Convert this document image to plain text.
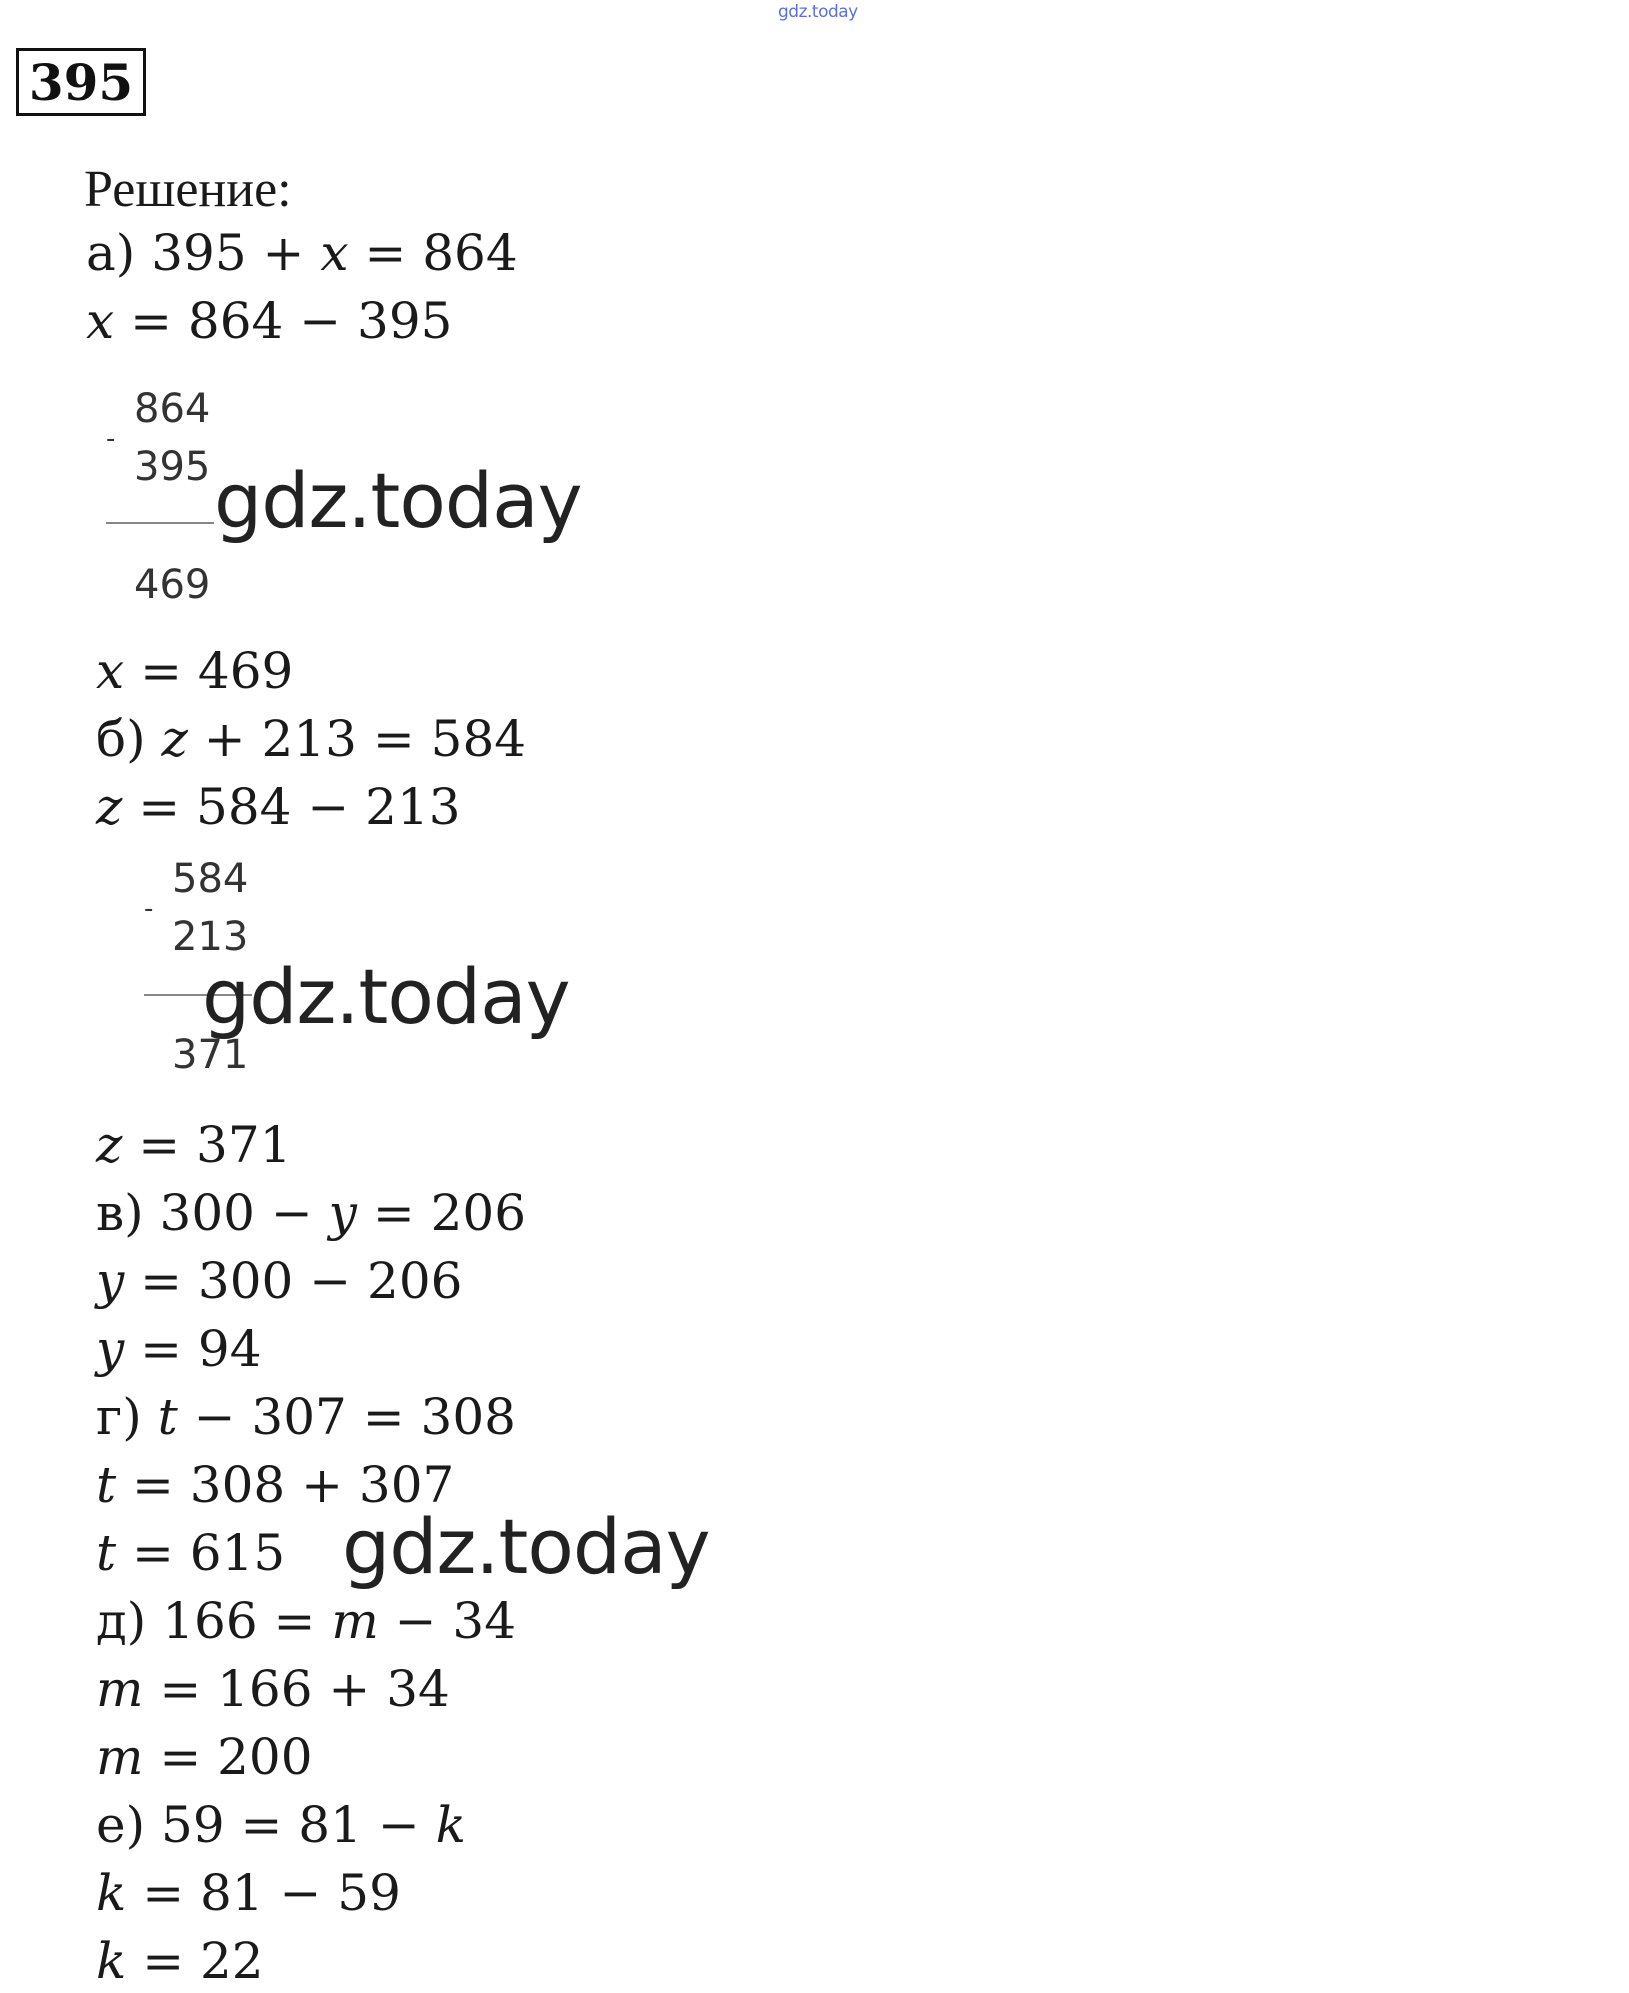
gdz.today
395
Решение:
а) 395 + x = 864
x = 864 − 395
864
-
395
469
gdz.today
x = 469
б) z + 213 = 584
z = 584 − 213
584
-
213
371
gdz.today
z = 371
в) 300 − y = 206
y = 300 − 206
y = 94
г) t − 307 = 308
t = 308 + 307
t = 615 gdz.today
д) 166 = m − 34
m = 166 + 34
m = 200
е) 59 = 81 − k
k = 81 − 59
k = 22
